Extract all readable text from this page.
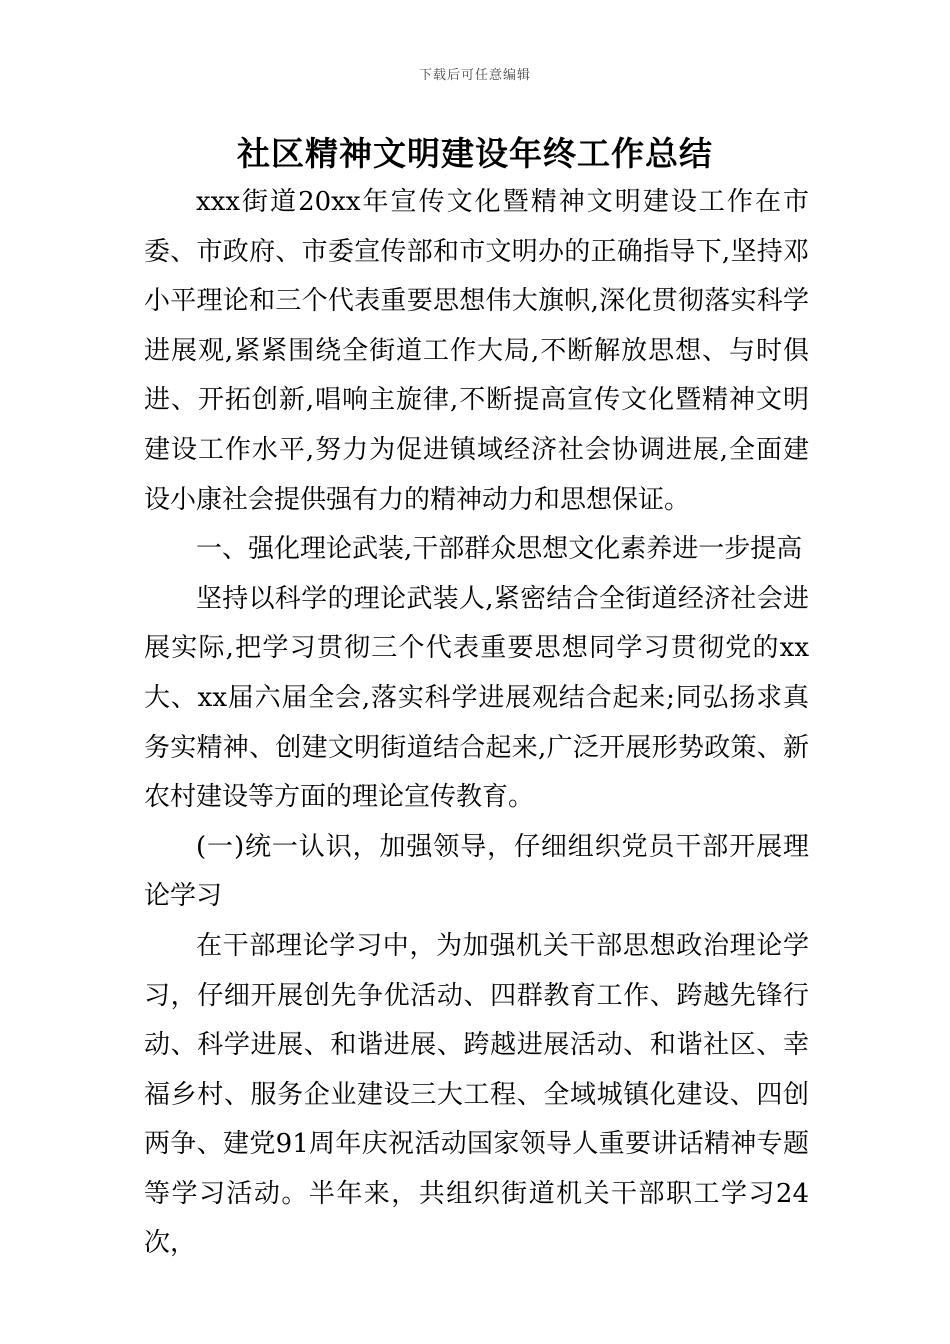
下载后可任意编辑
社区精神文明建设年终工作总结

xxx街道20xx年宣传文化暨精神文明建设工作在市委、市政府、市委宣传部和市文明办的正确指导下,坚持邓小平理论和三个代表重要思想伟大旗帜,深化贯彻落实科学进展观,紧紧围绕全街道工作大局,不断解放思想、与时俱进、开拓创新,唱响主旋律,不断提高宣传文化暨精神文明建设工作水平,努力为促进镇域经济社会协调进展,全面建设小康社会提供强有力的精神动力和思想保证。

一、强化理论武装,干部群众思想文化素养进一步提高

坚持以科学的理论武装人,紧密结合全街道经济社会进展实际,把学习贯彻三个代表重要思想同学习贯彻党的xx大、xx届六届全会,落实科学进展观结合起来;同弘扬求真务实精神、创建文明街道结合起来,广泛开展形势政策、新农村建设等方面的理论宣传教育。

(一)统一认识，加强领导，仔细组织党员干部开展理论学习

在干部理论学习中，为加强机关干部思想政治理论学习，仔细开展创先争优活动、四群教育工作、跨越先锋行动、科学进展、和谐进展、跨越进展活动、和谐社区、幸福乡村、服务企业建设三大工程、全域城镇化建设、四创两争、建党91周年庆祝活动国家领导人重要讲话精神专题等学习活动。半年来，共组织街道机关干部职工学习24次，
